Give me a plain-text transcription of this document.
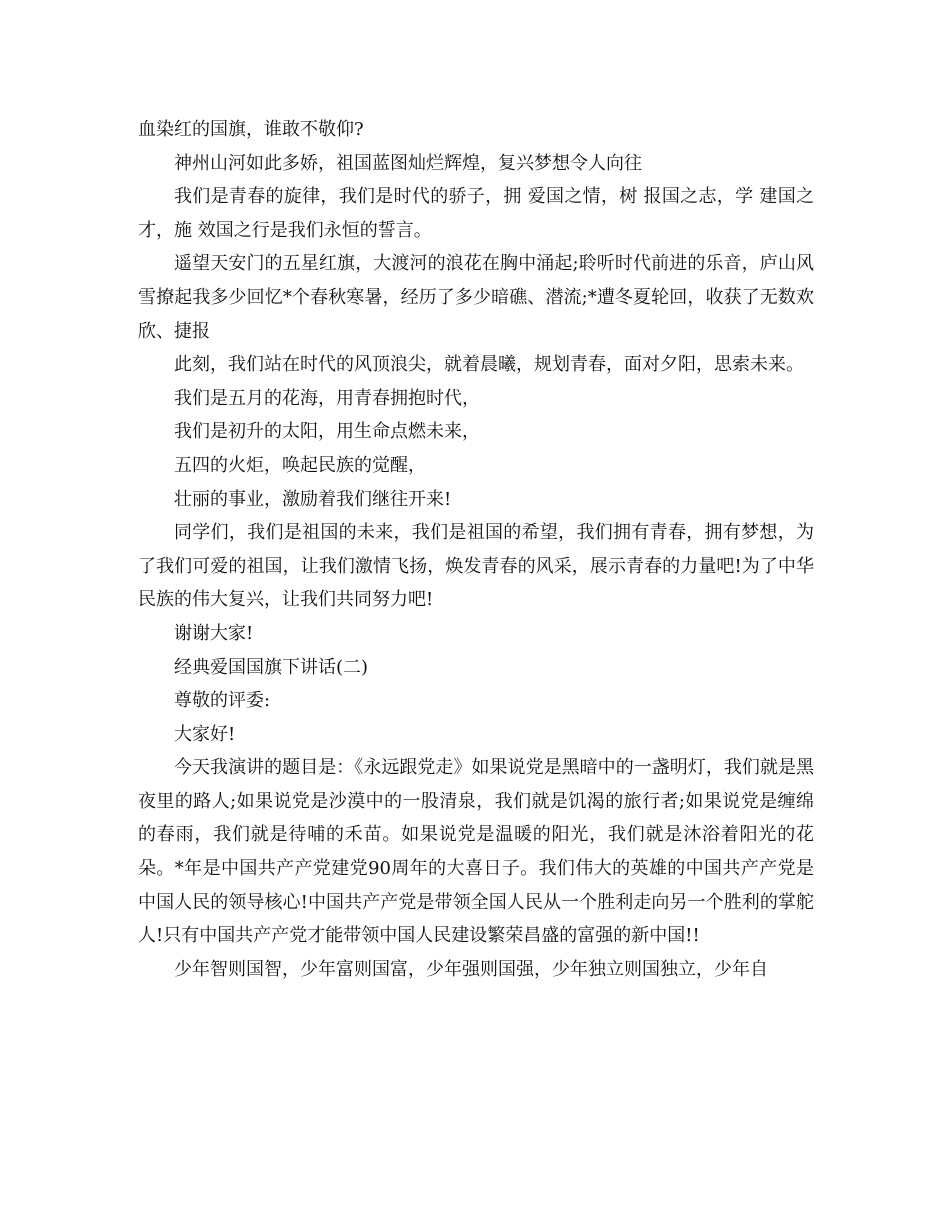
血染红的国旗，谁敢不敬仰?

神州山河如此多娇，祖国蓝图灿烂辉煌，复兴梦想令人向往

我们是青春的旋律，我们是时代的骄子，拥 爱国之情，树 报国之志，学 建国之才，施 效国之行是我们永恒的誓言。

遥望天安门的五星红旗，大渡河的浪花在胸中涌起;聆听时代前进的乐音，庐山风雪撩起我多少回忆*个春秋寒暑，经历了多少暗礁、潜流;*遭冬夏轮回，收获了无数欢欣、捷报

此刻，我们站在时代的风顶浪尖，就着晨曦，规划青春，面对夕阳，思索未来。

我们是五月的花海，用青春拥抱时代，

我们是初升的太阳，用生命点燃未来，

五四的火炬，唤起民族的觉醒，

壮丽的事业，激励着我们继往开来!

同学们，我们是祖国的未来，我们是祖国的希望，我们拥有青春，拥有梦想，为了我们可爱的祖国，让我们激情飞扬，焕发青春的风采，展示青春的力量吧!为了中华民族的伟大复兴，让我们共同努力吧!

谢谢大家!

经典爱国国旗下讲话(二)

尊敬的评委:

大家好!

今天我演讲的题目是：《永远跟党走》如果说党是黑暗中的一盏明灯，我们就是黑夜里的路人;如果说党是沙漠中的一股清泉，我们就是饥渴的旅行者;如果说党是缠绵的春雨，我们就是待哺的禾苗。如果说党是温暖的阳光，我们就是沐浴着阳光的花朵。*年是中国共产产党建党90周年的大喜日子。我们伟大的英雄的中国共产产党是中国人民的领导核心!中国共产产党是带领全国人民从一个胜利走向另一个胜利的掌舵人!只有中国共产产党才能带领中国人民建设繁荣昌盛的富强的新中国!!

少年智则国智，少年富则国富，少年强则国强，少年独立则国独立，少年自
